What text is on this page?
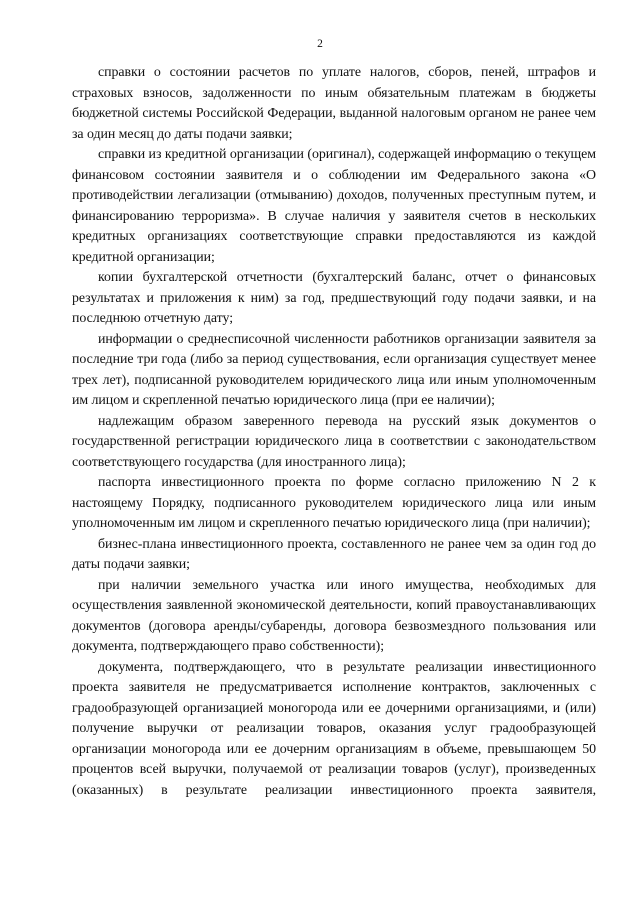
2

справки о состоянии расчетов по уплате налогов, сборов, пеней, штрафов и страховых взносов, задолженности по иным обязательным платежам в бюджеты бюджетной системы Российской Федерации, выданной налоговым органом не ранее чем за один месяц до даты подачи заявки;

справки из кредитной организации (оригинал), содержащей информацию о текущем финансовом состоянии заявителя и о соблюдении им Федерального закона «О противодействии легализации (отмыванию) доходов, полученных преступным путем, и финансированию терроризма». В случае наличия у заявителя счетов в нескольких кредитных организациях соответствующие справки предоставляются из каждой кредитной организации;

копии бухгалтерской отчетности (бухгалтерский баланс, отчет о финансовых результатах и приложения к ним) за год, предшествующий году подачи заявки, и на последнюю отчетную дату;

информации о среднесписочной численности работников организации заявителя за последние три года (либо за период существования, если организация существует менее трех лет), подписанной руководителем юридического лица или иным уполномоченным им лицом и скрепленной печатью юридического лица (при ее наличии);

надлежащим образом заверенного перевода на русский язык документов о государственной регистрации юридического лица в соответствии с законодательством соответствующего государства (для иностранного лица);

паспорта инвестиционного проекта по форме согласно приложению N 2 к настоящему Порядку, подписанного руководителем юридического лица или иным уполномоченным им лицом и скрепленного печатью юридического лица (при наличии);

бизнес-плана инвестиционного проекта, составленного не ранее чем за один год до даты подачи заявки;

при наличии земельного участка или иного имущества, необходимых для осуществления заявленной экономической деятельности, копий правоустанавливающих документов (договора аренды/субаренды, договора безвозмездного пользования или документа, подтверждающего право собственности);

документа, подтверждающего, что в результате реализации инвестиционного проекта заявителя не предусматривается исполнение контрактов, заключенных с градообразующей организацией моногорода или ее дочерними организациями, и (или) получение выручки от реализации товаров, оказания услуг градообразующей организации моногорода или ее дочерним организациям в объеме, превышающем 50 процентов всей выручки, получаемой от реализации товаров (услуг), произведенных (оказанных) в результате реализации инвестиционного проекта заявителя,
